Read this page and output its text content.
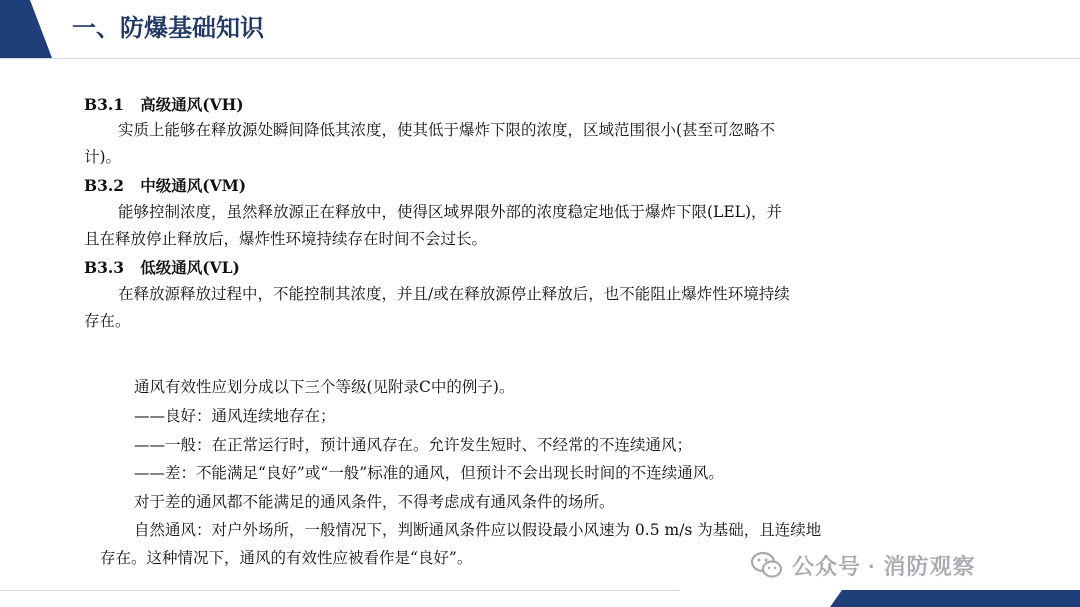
一、防爆基础知识
B3.1 高级通风(VH)
实质上能够在释放源处瞬间降低其浓度，使其低于爆炸下限的浓度，区域范围很小(甚至可忽略不
计)。
B3.2 中级通风(VM)
能够控制浓度，虽然释放源正在释放中，使得区域界限外部的浓度稳定地低于爆炸下限(LEL)，并
且在释放停止释放后，爆炸性环境持续存在时间不会过长。
B3.3 低级通风(VL)
在释放源释放过程中，不能控制其浓度，并且/或在释放源停止释放后，也不能阻止爆炸性环境持续
存在。
通风有效性应划分成以下三个等级(见附录C中的例子)。
——良好：通风连续地存在；
——一般：在正常运行时，预计通风存在。允许发生短时、不经常的不连续通风；
——差：不能满足“良好”或“一般”标准的通风，但预计不会出现长时间的不连续通风。
对于差的通风都不能满足的通风条件，不得考虑成有通风条件的场所。
自然通风：对户外场所，一般情况下，判断通风条件应以假设最小风速为 0.5 m/s 为基础，且连续地
存在。这种情况下，通风的有效性应被看作是“良好”。	公众号 · 消防观察
